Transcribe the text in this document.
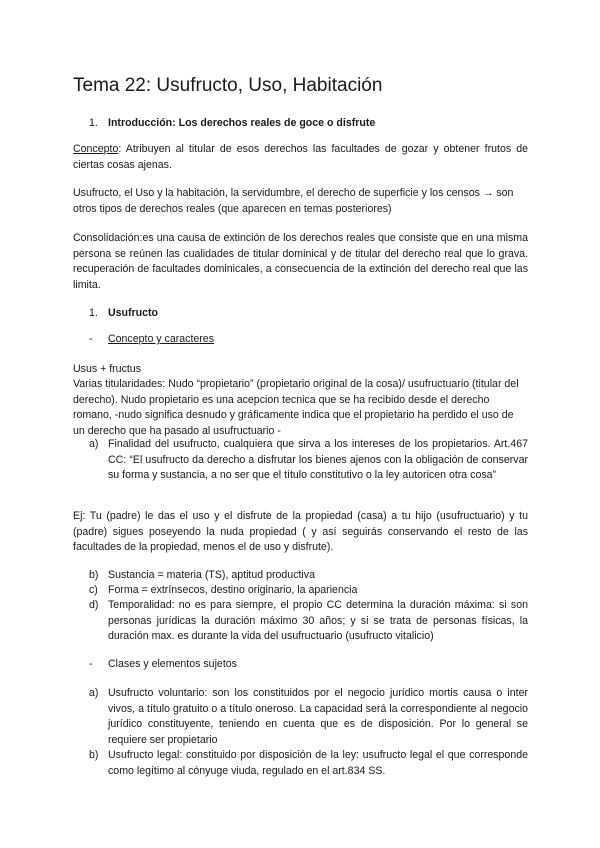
Tema 22: Usufructo, Uso, Habitación
1. Introducción: Los derechos reales de goce o disfrute

Concepto: Atribuyen al titular de esos derechos las facultades de gozar y obtener frutos de ciertas cosas ajenas.

Usufructo, el Uso y la habitación, la servidumbre, el derecho de superficie y los censos → son otros tipos de derechos reales (que aparecen en temas posteriores)

Consolidación:es una causa de extinción de los derechos reales que consiste que en una misma persona se reúnen las cualidades de titular dominical y de titular del derecho real que lo grava. recuperación de facultades dominicales, a consecuencia de la extinción del derecho real que las limita.

1. Usufructo
- Concepto y caracteres

Usus + fructus

Varias titularidades: Nudo “propietario” (propietario original de la cosa)/ usufructuario (titular del derecho). Nudo propietario es una acepcion tecnica que se ha recibido desde el derecho romano, -nudo significa desnudo y gráficamente indica que el propietario ha perdido el uso de un derecho que ha pasado al usufructuario -

a) Finalidad del usufructo, cualquiera que sirva a los intereses de los propietarios. Art.467 CC: “El usufructo da derecho a disfrutar los bienes ajenos con la obligación de conservar su forma y sustancia, a no ser que el título constitutivo o la ley autoricen otra cosa”

Ej: Tu (padre) le das el uso y el disfrute de la propiedad (casa) a tu hijo (usufructuario) y tu (padre) sigues poseyendo la nuda propiedad ( y así seguirás conservando el resto de las facultades de la propiedad, menos el de uso y disfrute).

b) Sustancia = materia (TS), aptitud productiva

c) Forma = extrínsecos, destino originario, la apariencia

d) Temporalidad: no es para siempre, el propio CC determina la duración máxima: si son personas jurídicas la duración máximo 30 años; y si se trata de personas físicas, la duración max. es durante la vida del usufructuario (usufructo vitalicio)

- Clases y elementos sujetos
a) Usufructo voluntario: son los constituidos por el negocio jurídico mortis causa o inter vivos, a título gratuito o a título oneroso. La capacidad será la correspondiente al negocio jurídico constituyente, teniendo en cuenta que es de disposición. Por lo general se requiere ser propietario

b) Usufructo legal: constituido por disposición de la ley: usufructo legal el que corresponde como legítimo al cónyuge viuda, regulado en el art.834 SS.
